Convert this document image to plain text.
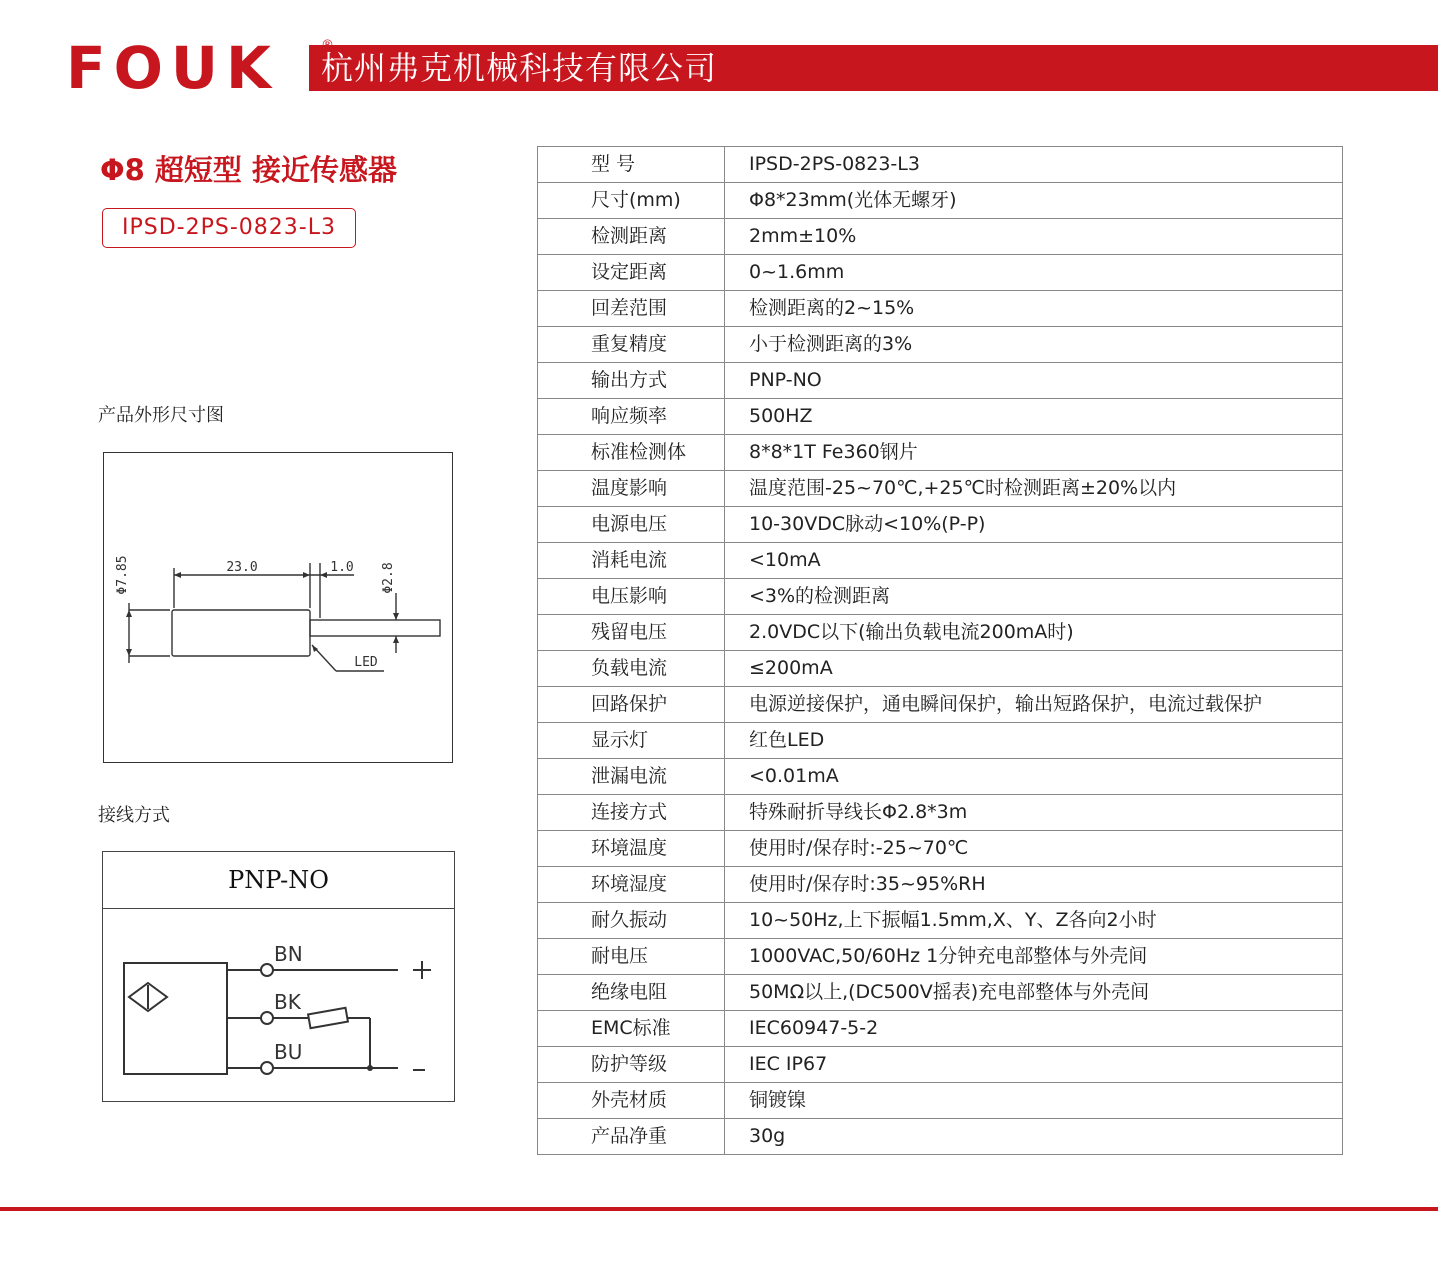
FOUK 杭州弗克机械科技有限公司
Φ8 超短型 接近传感器
IPSD-2PS-0823-L3
产品外形尺寸图
Φ7.85	23.0	1.0 Φ2.8
LED
接线方式
PNP-NO
BN
BK
BU
+
-
型 号	IPSD-2PS-0823-L3
尺寸(mm)	Φ8*23mm(光体无螺牙)
检测距离	2mm±10%
设定距离	0~1.6mm
回差范围	检测距离的2~15%
重复精度	小于检测距离的3%
输出方式	PNP-NO
响应频率	500HZ
标准检测体	8*8*1T Fe360钢片
温度影响	温度范围-25~70℃,+25℃时检测距离±20%以内
电源电压	10-30VDC脉动<10%(P-P)
消耗电流	<10mA
电压影响	<3%的检测距离
残留电压	2.0VDC以下(输出负载电流200mA时)
负载电流	≤200mA
回路保护	电源逆接保护，通电瞬间保护，输出短路保护，电流过载保护
显示灯	红色LED
泄漏电流	<0.01mA
连接方式	特殊耐折导线长Φ2.8*3m
环境温度	使用时/保存时:-25~70℃
环境湿度	使用时/保存时:35~95%RH
耐久振动	10~50Hz,上下振幅1.5mm,X、Y、Z各向2小时
耐电压	1000VAC,50/60Hz 1分钟充电部整体与外壳间
绝缘电阻	50MΩ以上,(DC500V摇表)充电部整体与外壳间
EMC标准	IEC60947-5-2
防护等级	IEC IP67
外壳材质	铜镀镍
产品净重	30g
